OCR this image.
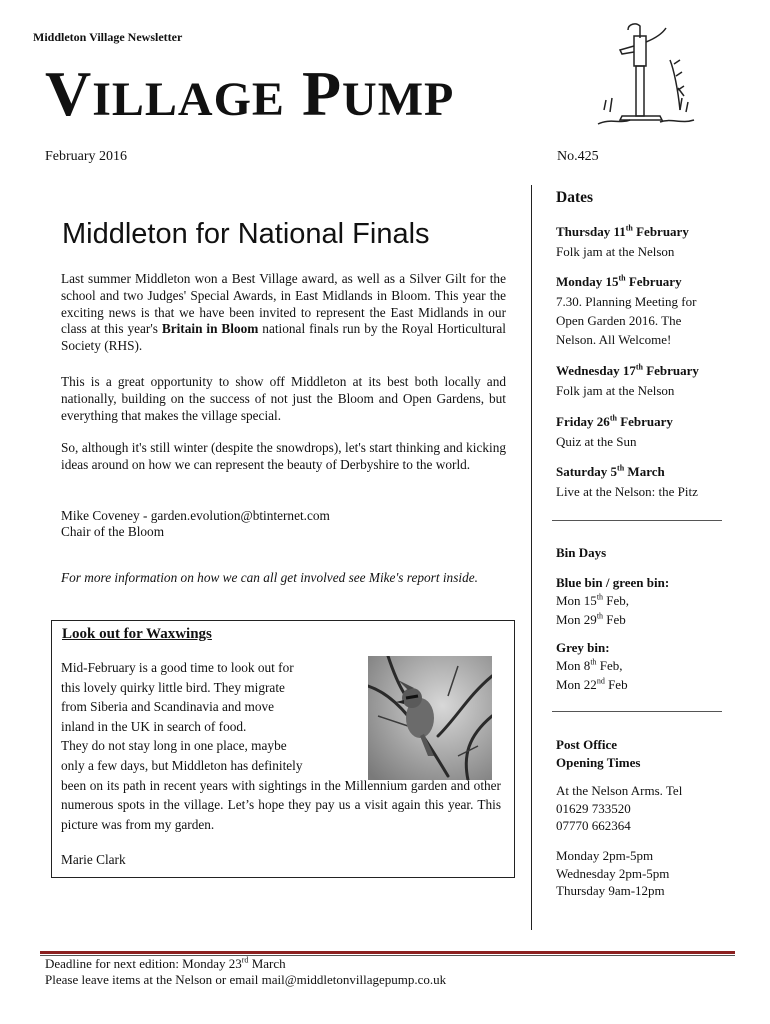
Middleton Village Newsletter
VILLAGE PUMP
February 2016	No.425
Middleton for National Finals

Last summer Middleton won a Best Village award, as well as a Silver Gilt for the school and two Judges' Special Awards, in East Midlands in Bloom. This year the exciting news is that we have been invited to represent the East Midlands in our class at this year's Britain in Bloom national finals run by the Royal Horticultural Society (RHS).

This is a great opportunity to show off Middleton at its best both locally and nationally, building on the success of not just the Bloom and Open Gardens, but everything that makes the village special.

So, although it's still winter (despite the snowdrops), let's start thinking and kicking ideas around on how we can represent the beauty of Derbyshire to the world.

Mike Coveney - garden.evolution@btinternet.com
Chair of the Bloom

For more information on how we can all get involved see Mike's report inside.

Look out for Waxwings
Mid-February is a good time to look out for
this lovely quirky little bird. They migrate
from Siberia and Scandinavia and move
inland in the UK in search of food.
They do not stay long in one place, maybe
only a few days, but Middleton has definitely
been on its path in recent years with sightings in the Millennium garden and other numerous spots in the village. Let’s hope they pay us a visit again this year. This picture was from my garden.
Marie Clark
Dates
Thursday 11th February
Folk jam at the Nelson
Monday 15th February
7.30. Planning Meeting for
Open Garden 2016. The
Nelson. All Welcome!
Wednesday 17th February
Folk jam at the Nelson
Friday 26th February
Quiz at the Sun
Saturday 5th March
Live at the Nelson: the Pitz
Bin Days
Blue bin / green bin:
Mon 15th Feb,
Mon 29th Feb
Grey bin:
Mon 8th Feb,
Mon 22nd Feb
Post Office
Opening Times
At the Nelson Arms. Tel
01629 733520
07770 662364
Monday 2pm-5pm
Wednesday 2pm-5pm
Thursday 9am-12pm
Deadline for next edition: Monday 23rd March
Please leave items at the Nelson or email mail@middletonvillagepump.co.uk
